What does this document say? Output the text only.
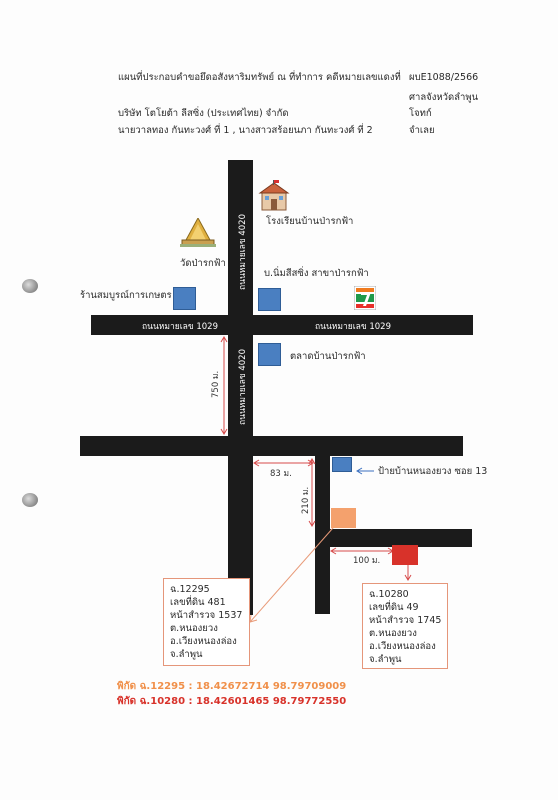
แผนที่ประกอบคำขอยึดอสังหาริมทรัพย์ ณ ที่ทำการ คดีหมายเลขแดงที่ ผบE1088/2566
ศาลจังหวัดลำพูน
บริษัท โตโยต้า ลีสซิ่ง (ประเทศไทย) จำกัด	โจทก์
นายวาลทอง กันทะวงศ์ ที่ 1 , นางสาวสร้อยนภา กันทะวงศ์ ที่ 2	จำเลย
ถนนหมายเลข 4020
ถนนหมายเลข 4020
ถนนหมายเลข 1029	ถนนหมายเลข 1029
โรงเรียนบ้านป่ารกฟ้า
วัดป่ารกฟ้า
บ.นิ่มสีสซิ่ง สาขาป่ารกฟ้า
ร้านสมบูรณ์การเกษตร
ตลาดบ้านป่ารกฟ้า
750 ม.
83 ม.
210 ม.
100 ม.
ป้ายบ้านหนองยวง ซอย 13
ฉ.12295
เลขที่ดิน 481
หน้าสำรวจ 1537
ต.หนองยวง
อ.เวียงหนองล่อง
จ.ลำพูน
ฉ.10280
เลขที่ดิน 49
หน้าสำรวจ 1745
ต.หนองยวง
อ.เวียงหนองล่อง
จ.ลำพูน
พิกัด ฉ.12295 : 18.42672714 98.79709009
พิกัด ฉ.10280 : 18.42601465 98.79772550
